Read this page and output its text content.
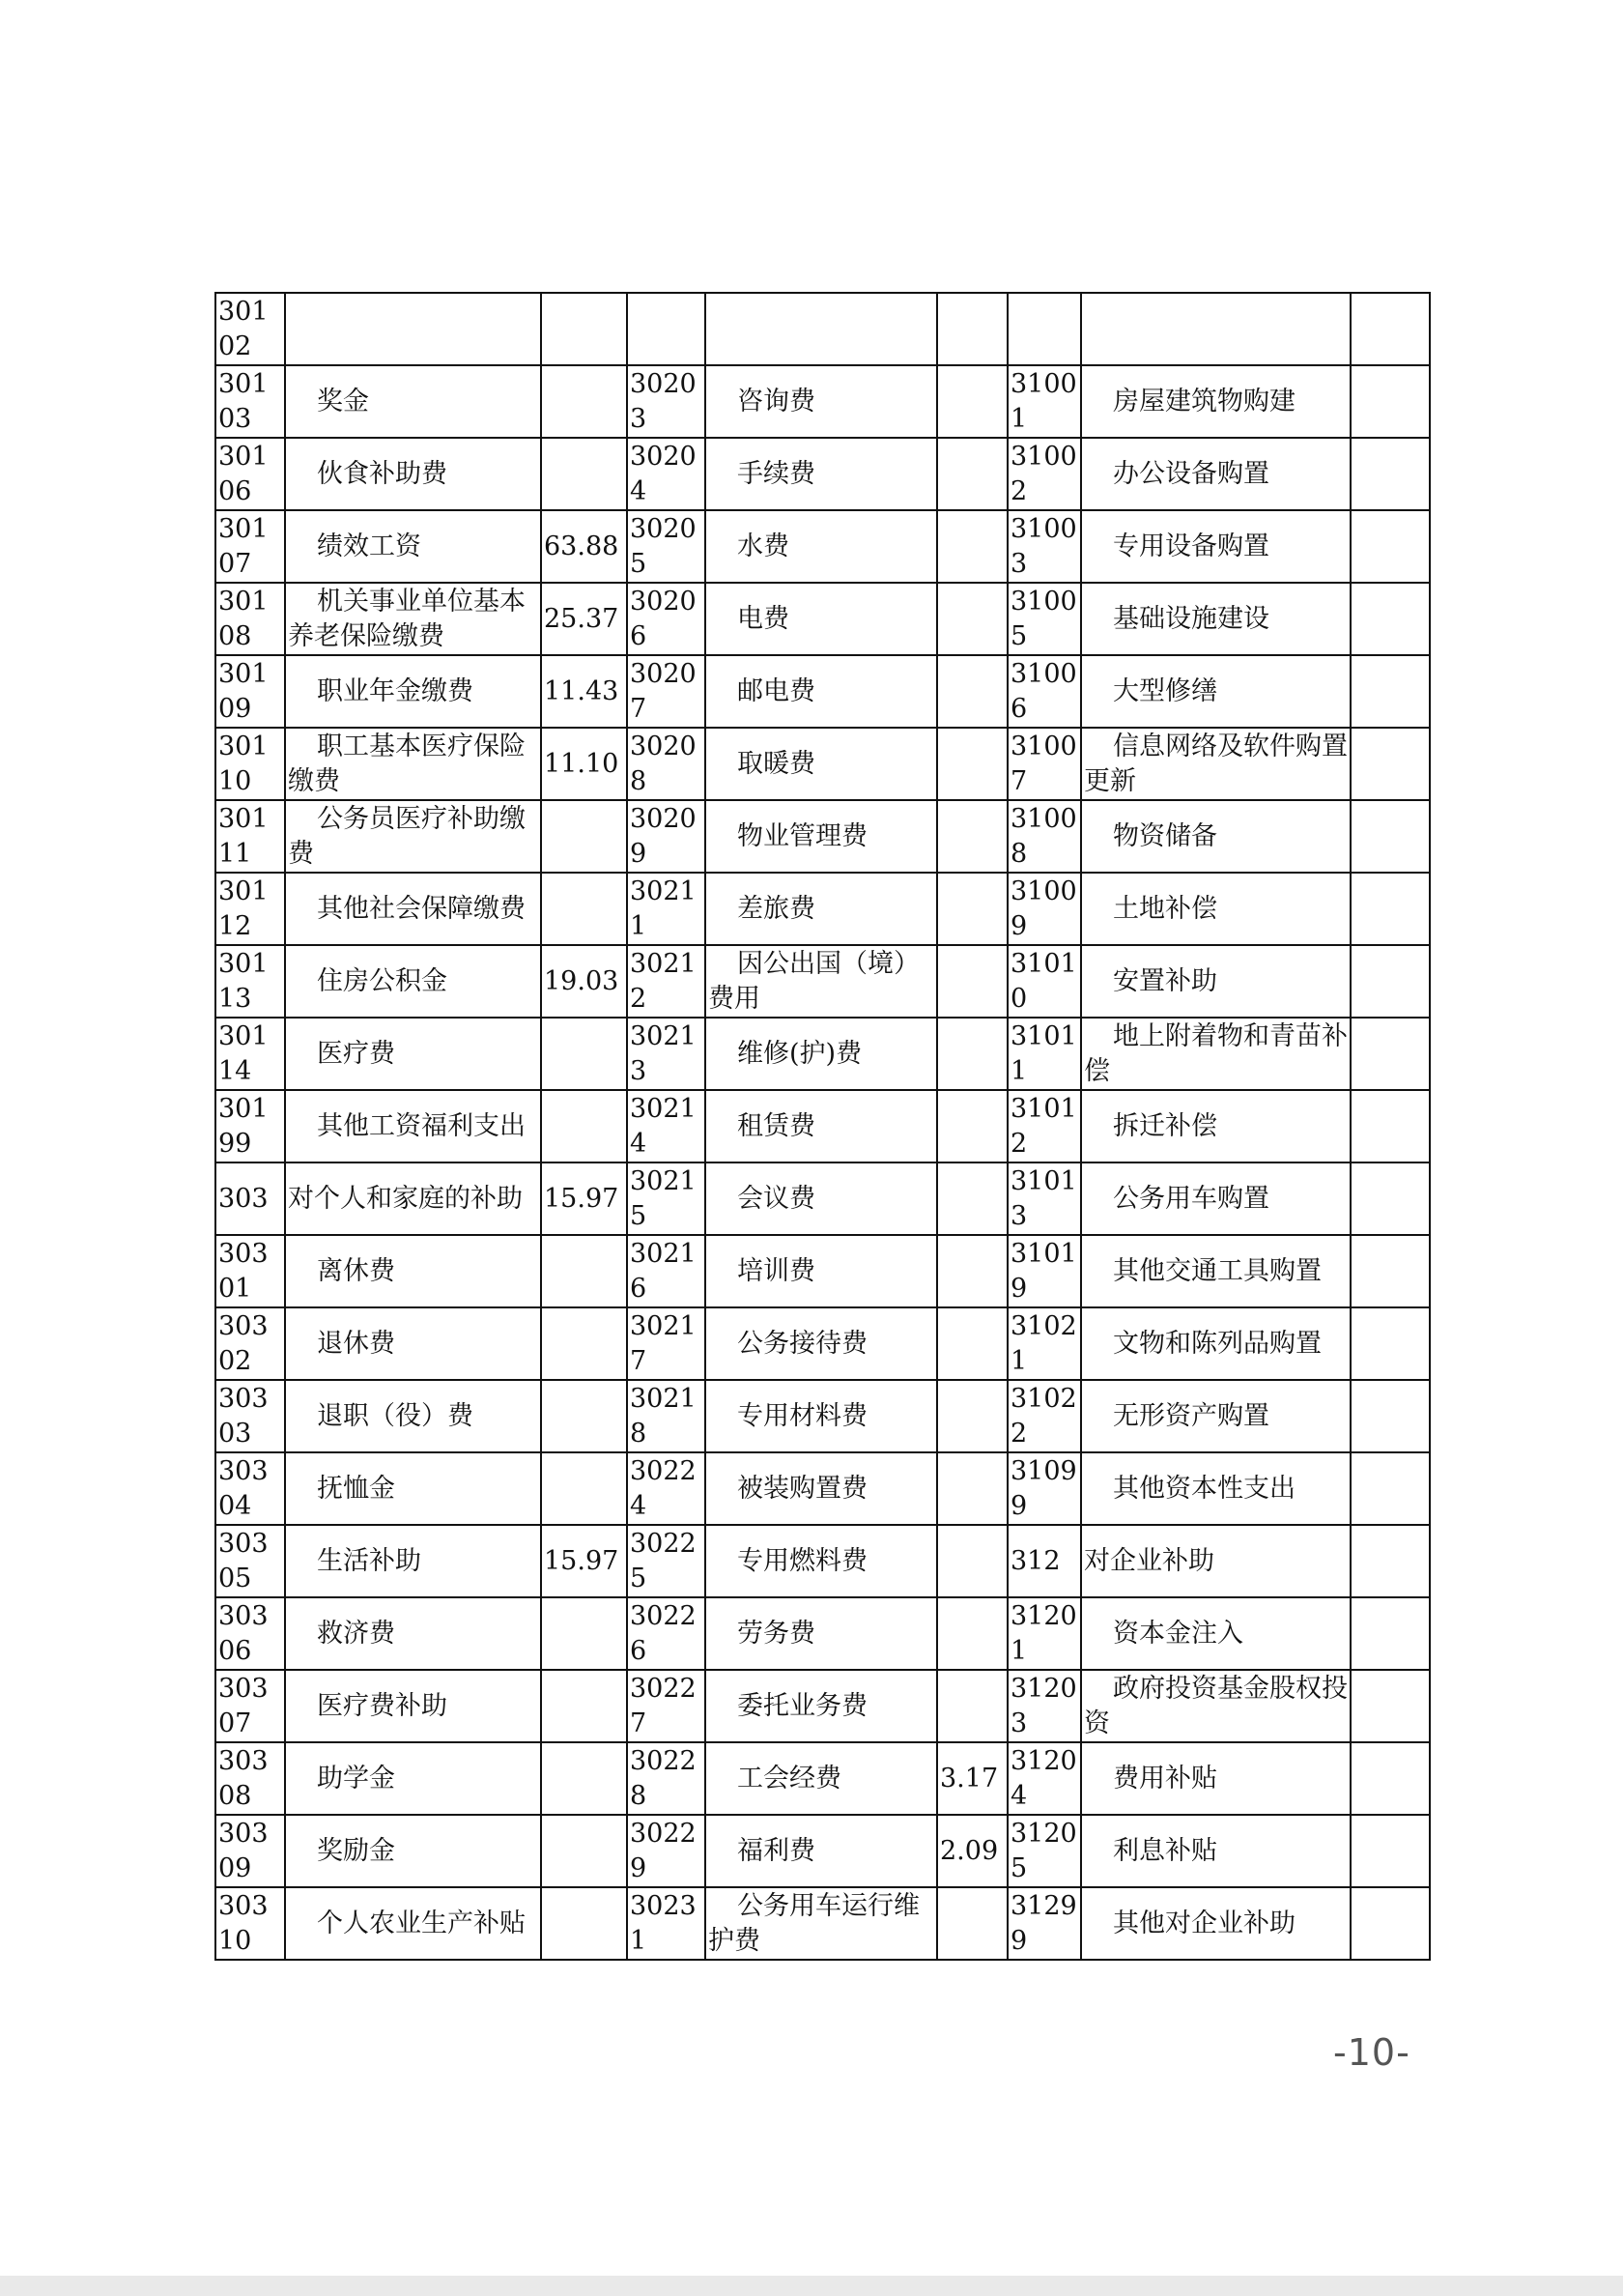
30102								
30103	奖金		30203	咨询费		31001	房屋建筑物购建	
30106	伙食补助费		30204	手续费		31002	办公设备购置	
30107	绩效工资	63.88	30205	水费		31003	专用设备购置	
30108	机关事业单位基本养老保险缴费	25.37	30206	电费		31005	基础设施建设	
30109	职业年金缴费	11.43	30207	邮电费		31006	大型修缮	
30110	职工基本医疗保险缴费	11.10	30208	取暖费		31007	信息网络及软件购置更新	
30111	公务员医疗补助缴费		30209	物业管理费		31008	物资储备	
30112	其他社会保障缴费		30211	差旅费		31009	土地补偿	
30113	住房公积金	19.03	30212	因公出国（境）费用		31010	安置补助	
30114	医疗费		30213	维修(护)费		31011	地上附着物和青苗补偿	
30199	其他工资福利支出		30214	租赁费		31012	拆迁补偿	
303	对个人和家庭的补助	15.97	30215	会议费		31013	公务用车购置	
30301	离休费		30216	培训费		31019	其他交通工具购置	
30302	退休费		30217	公务接待费		31021	文物和陈列品购置	
30303	退职（役）费		30218	专用材料费		31022	无形资产购置	
30304	抚恤金		30224	被装购置费		31099	其他资本性支出	
30305	生活补助	15.97	30225	专用燃料费		312	对企业补助	
30306	救济费		30226	劳务费		31201	资本金注入	
30307	医疗费补助		30227	委托业务费		31203	政府投资基金股权投资	
30308	助学金		30228	工会经费	3.17	31204	费用补贴	
30309	奖励金		30229	福利费	2.09	31205	利息补贴	
30310	个人农业生产补贴		30231	公务用车运行维护费		31299	其他对企业补助	
-10-
